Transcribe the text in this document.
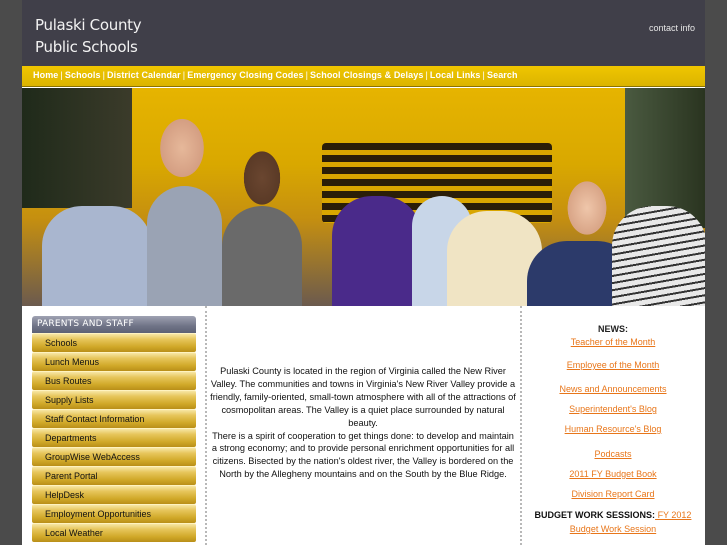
Pulaski County
Public Schools
contact info
Home | Schools | District Calendar | Emergency Closing Codes | School Closings & Delays | Local Links | Search
PARENTS AND STAFF
Schools
Lunch Menus
Bus Routes
Supply Lists
Staff Contact Information
Departments
GroupWise WebAccess
Parent Portal
HelpDesk
Employment Opportunities
Local Weather

Pulaski County is located in the region of Virginia called the New River Valley. The communities and towns in Virginia's New River Valley provide a friendly, family-oriented, small-town atmosphere with all of the attractions of cosmopolitan areas. The Valley is a quiet place surrounded by natural beauty.

There is a spirit of cooperation to get things done: to develop and maintain a strong economy; and to provide personal enrichment opportunities for all citizens. Bisected by the nation's oldest river, the Valley is bordered on the North by the Allegheny mountains and on the South by the Blue Ridge.

NEWS:
Teacher of the Month
Employee of the Month
News and Announcements
Superintendent's Blog
Human Resource's Blog
Podcasts
2011 FY Budget Book
Division Report Card
BUDGET WORK SESSIONS: FY 2012 Budget Work Session
